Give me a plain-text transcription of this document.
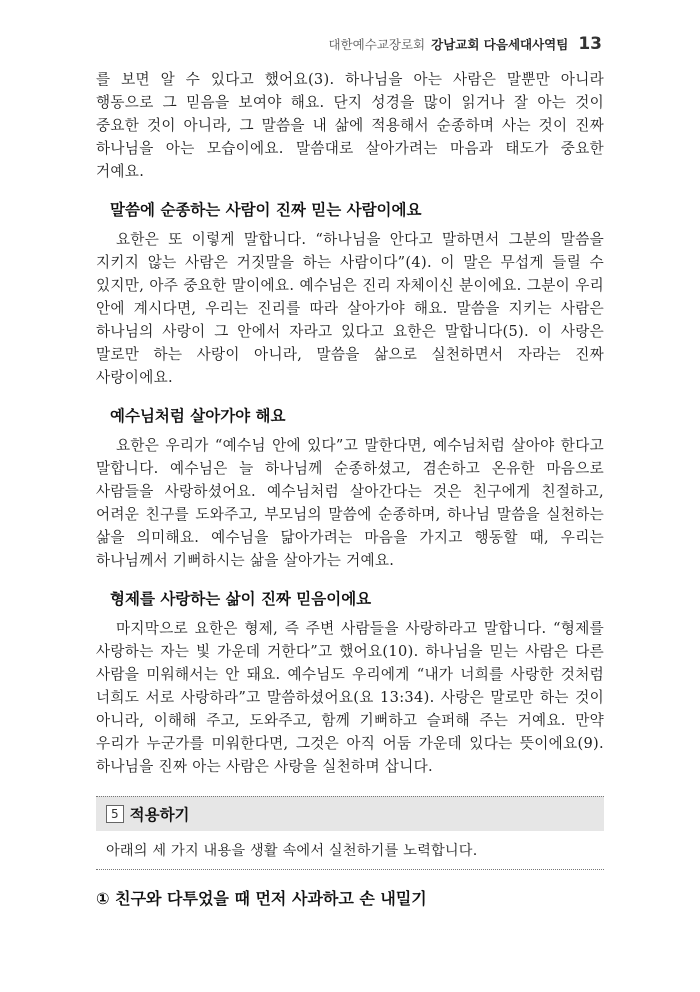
대한예수교장로회 강남교회 다음세대사역팀 13

를 보면 알 수 있다고 했어요(3). 하나님을 아는 사람은 말뿐만 아니라 행동으로 그 믿음을 보여야 해요. 단지 성경을 많이 읽거나 잘 아는 것이 중요한 것이 아니라, 그 말씀을 내 삶에 적용해서 순종하며 사는 것이 진짜 하나님을 아는 모습이에요. 말씀대로 살아가려는 마음과 태도가 중요한 거예요.

말씀에 순종하는 사람이 진짜 믿는 사람이에요

요한은 또 이렇게 말합니다. “하나님을 안다고 말하면서 그분의 말씀을 지키지 않는 사람은 거짓말을 하는 사람이다”(4). 이 말은 무섭게 들릴 수 있지만, 아주 중요한 말이에요. 예수님은 진리 자체이신 분이에요. 그분이 우리 안에 계시다면, 우리는 진리를 따라 살아가야 해요. 말씀을 지키는 사람은 하나님의 사랑이 그 안에서 자라고 있다고 요한은 말합니다(5). 이 사랑은 말로만 하는 사랑이 아니라, 말씀을 삶으로 실천하면서 자라는 진짜 사랑이에요.

예수님처럼 살아가야 해요

요한은 우리가 “예수님 안에 있다”고 말한다면, 예수님처럼 살아야 한다고 말합니다. 예수님은 늘 하나님께 순종하셨고, 겸손하고 온유한 마음으로 사람들을 사랑하셨어요. 예수님처럼 살아간다는 것은 친구에게 친절하고, 어려운 친구를 도와주고, 부모님의 말씀에 순종하며, 하나님 말씀을 실천하는 삶을 의미해요. 예수님을 닮아가려는 마음을 가지고 행동할 때, 우리는 하나님께서 기뻐하시는 삶을 살아가는 거예요.

형제를 사랑하는 삶이 진짜 믿음이에요

마지막으로 요한은 형제, 즉 주변 사람들을 사랑하라고 말합니다. “형제를 사랑하는 자는 빛 가운데 거한다”고 했어요(10). 하나님을 믿는 사람은 다른 사람을 미워해서는 안 돼요. 예수님도 우리에게 “내가 너희를 사랑한 것처럼 너희도 서로 사랑하라”고 말씀하셨어요(요 13:34). 사랑은 말로만 하는 것이 아니라, 이해해 주고, 도와주고, 함께 기뻐하고 슬퍼해 주는 거예요. 만약 우리가 누군가를 미워한다면, 그것은 아직 어둠 가운데 있다는 뜻이에요(9). 하나님을 진짜 아는 사람은 사랑을 실천하며 삽니다.

5 적용하기
아래의 세 가지 내용을 생활 속에서 실천하기를 노력합니다.
① 친구와 다투었을 때 먼저 사과하고 손 내밀기
